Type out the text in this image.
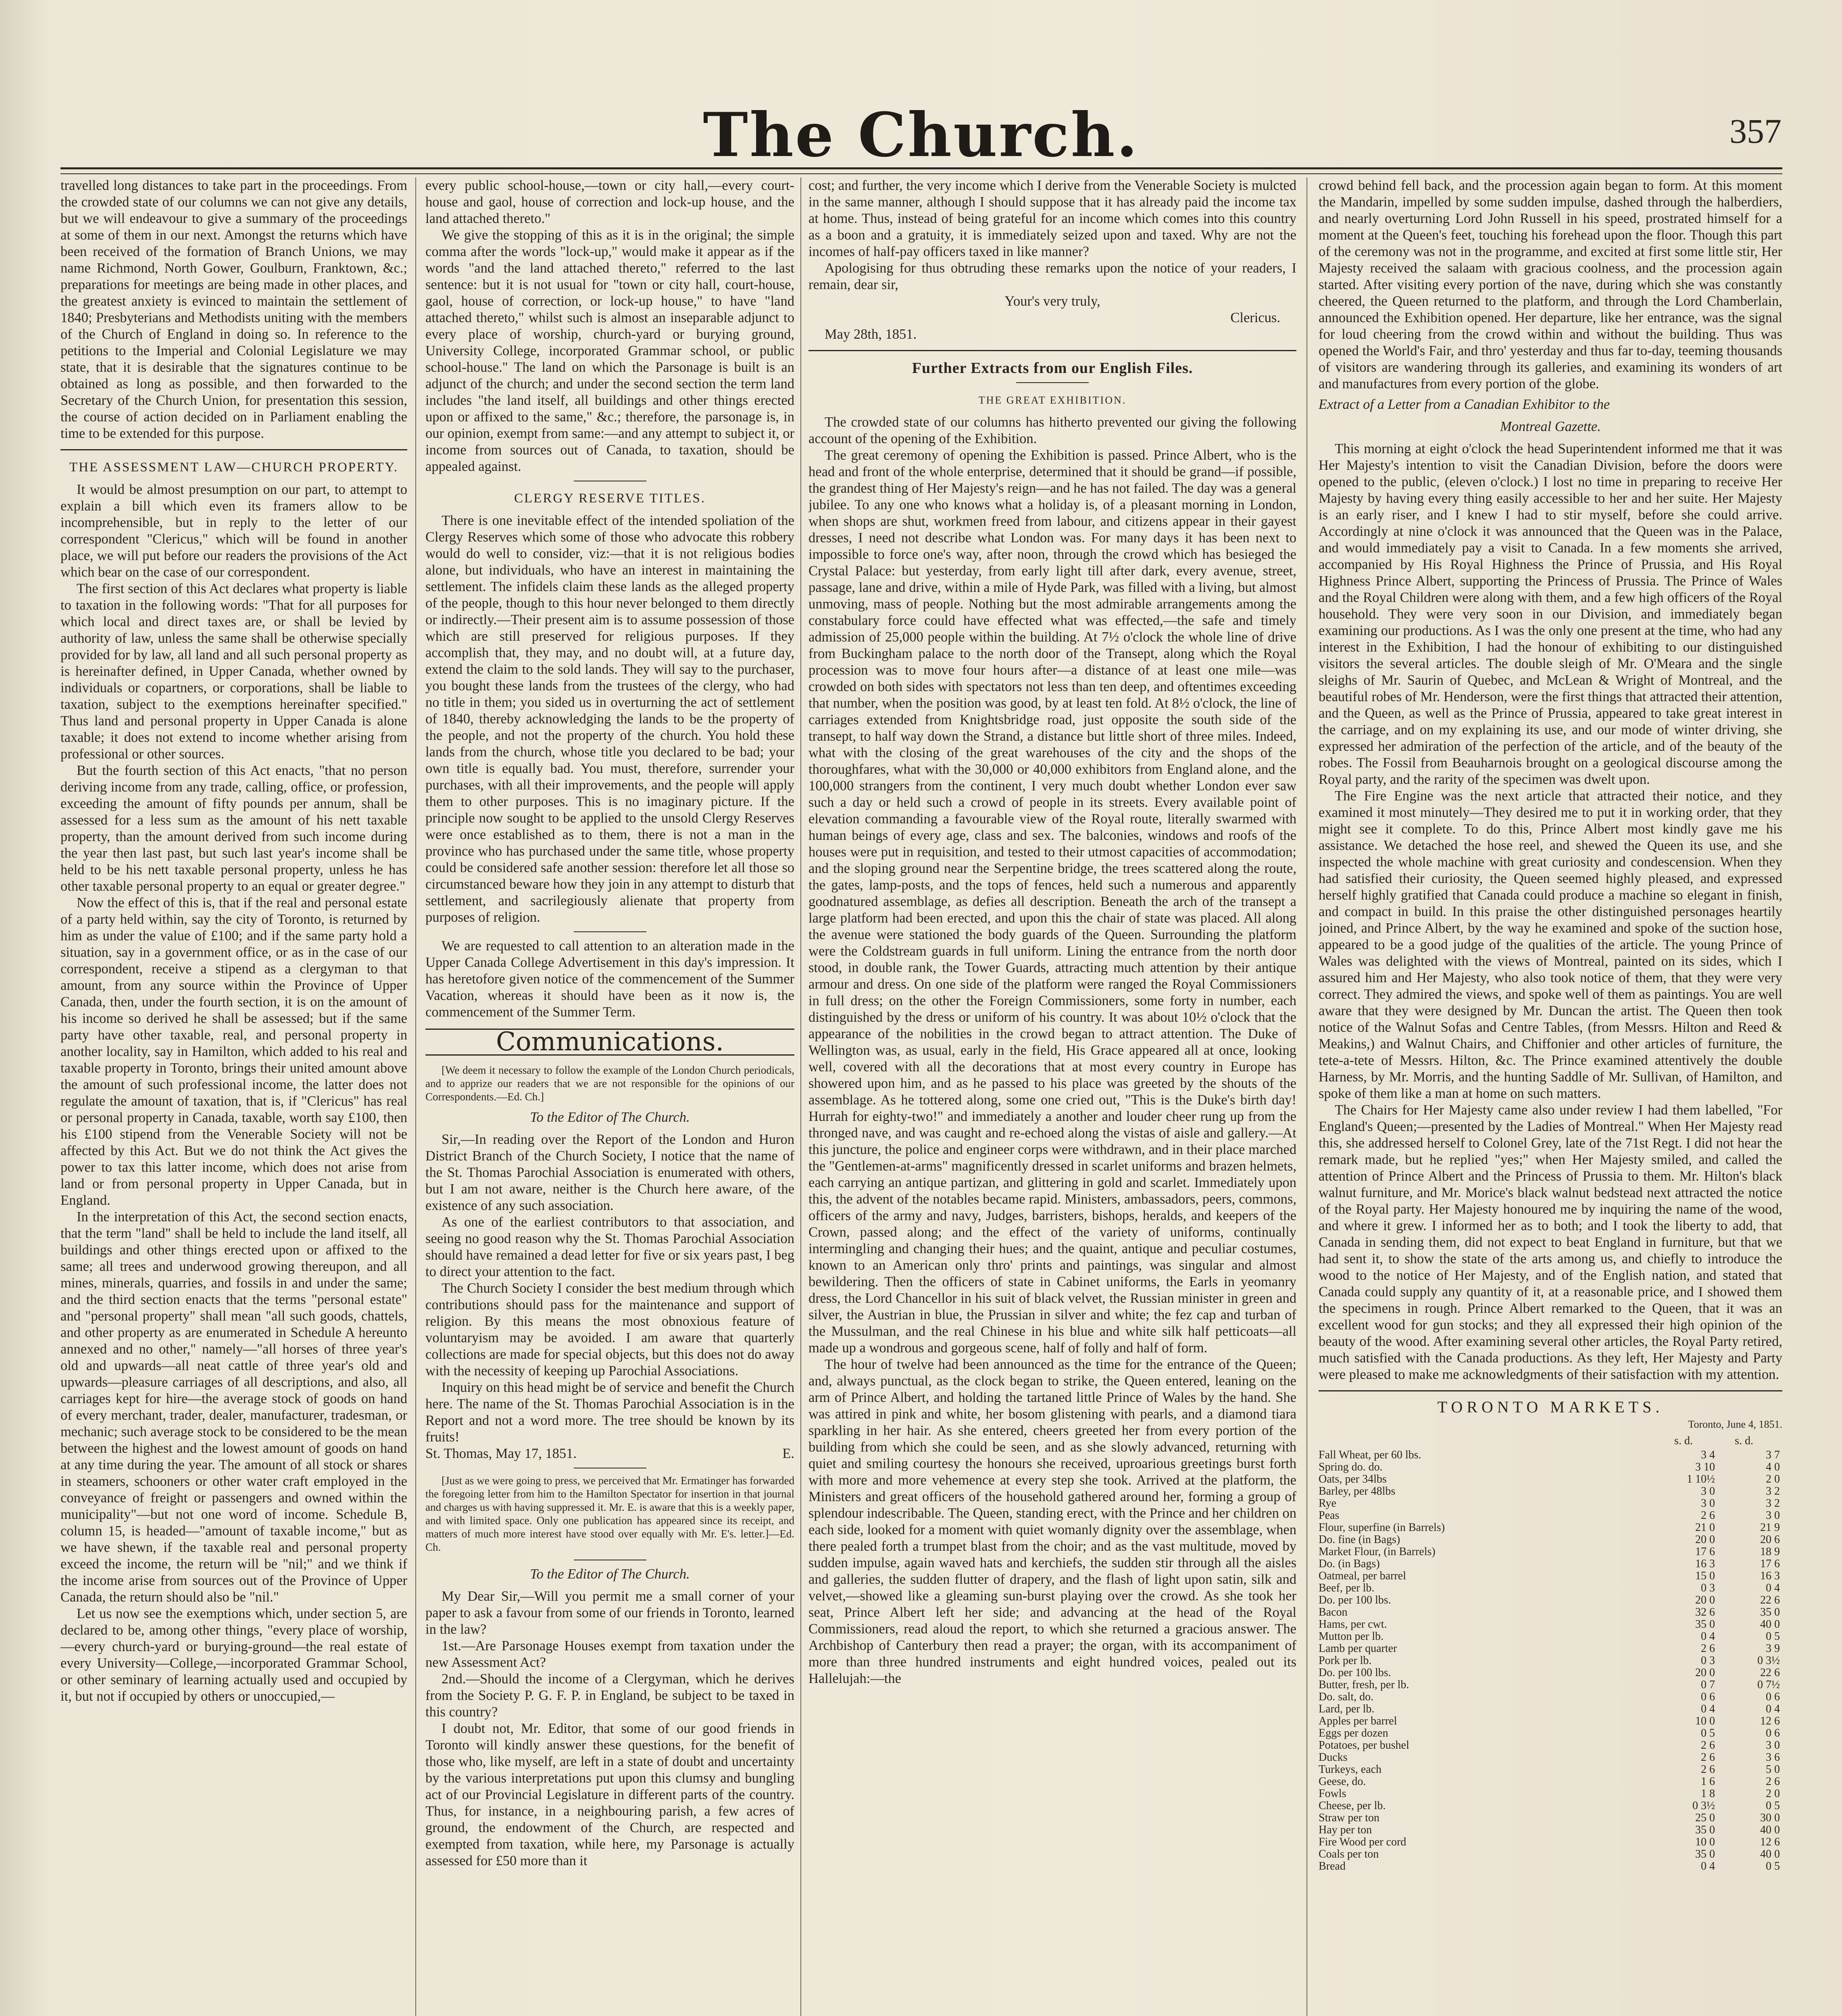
The Church.	357

travelled long distances to take part in the proceedings. From the crowded state of our columns we can not give any details, but we will endeavour to give a summary of the proceedings at some of them in our next. Amongst the returns which have been received of the formation of Branch Unions, we may name Richmond, North Gower, Goulburn, Franktown, &c.; preparations for meetings are being made in other places, and the greatest anxiety is evinced to maintain the settlement of 1840; Presbyterians and Methodists uniting with the members of the Church of England in doing so. In reference to the petitions to the Imperial and Colonial Legislature we may state, that it is desirable that the signatures continue to be obtained as long as possible, and then forwarded to the Secretary of the Church Union, for presentation this session, the course of action decided on in Parliament enabling the time to be extended for this purpose.

THE ASSESSMENT LAW—CHURCH PROPERTY.

It would be almost presumption on our part, to attempt to explain a bill which even its framers allow to be incomprehensible, but in reply to the letter of our correspondent "Clericus," which will be found in another place, we will put before our readers the provisions of the Act which bear on the case of our correspondent.

The first section of this Act declares what property is liable to taxation in the following words: "That for all purposes for which local and direct taxes are, or shall be levied by authority of law, unless the same shall be otherwise specially provided for by law, all land and all such personal property as is hereinafter defined, in Upper Canada, whether owned by individuals or copartners, or corporations, shall be liable to taxation, subject to the exemptions hereinafter specified." Thus land and personal property in Upper Canada is alone taxable; it does not extend to income whether arising from professional or other sources.

But the fourth section of this Act enacts, "that no person deriving income from any trade, calling, office, or profession, exceeding the amount of fifty pounds per annum, shall be assessed for a less sum as the amount of his nett taxable property, than the amount derived from such income during the year then last past, but such last year's income shall be held to be his nett taxable personal property, unless he has other taxable personal property to an equal or greater degree."

Now the effect of this is, that if the real and personal estate of a party held within, say the city of Toronto, is returned by him as under the value of £100; and if the same party hold a situation, say in a government office, or as in the case of our correspondent, receive a stipend as a clergyman to that amount, from any source within the Province of Upper Canada, then, under the fourth section, it is on the amount of his income so derived he shall be assessed; but if the same party have other taxable, real, and personal property in another locality, say in Hamilton, which added to his real and taxable property in Toronto, brings their united amount above the amount of such professional income, the latter does not regulate the amount of taxation, that is, if "Clericus" has real or personal property in Canada, taxable, worth say £100, then his £100 stipend from the Venerable Society will not be affected by this Act. But we do not think the Act gives the power to tax this latter income, which does not arise from land or from personal property in Upper Canada, but in England.

In the interpretation of this Act, the second section enacts, that the term "land" shall be held to include the land itself, all buildings and other things erected upon or affixed to the same; all trees and underwood growing thereupon, and all mines, minerals, quarries, and fossils in and under the same; and the third section enacts that the terms "personal estate" and "personal property" shall mean "all such goods, chattels, and other property as are enumerated in Schedule A hereunto annexed and no other," namely—"all horses of three year's old and upwards—all neat cattle of three year's old and upwards—pleasure carriages of all descriptions, and also, all carriages kept for hire—the average stock of goods on hand of every merchant, trader, dealer, manufacturer, tradesman, or mechanic; such average stock to be considered to be the mean between the highest and the lowest amount of goods on hand at any time during the year. The amount of all stock or shares in steamers, schooners or other water craft employed in the conveyance of freight or passengers and owned within the municipality"—but not one word of income. Schedule B, column 15, is headed—"amount of taxable income," but as we have shewn, if the taxable real and personal property exceed the income, the return will be "nil;" and we think if the income arise from sources out of the Province of Upper Canada, the return should also be "nil."

Let us now see the exemptions which, under section 5, are declared to be, among other things, "every place of worship,—every church-yard or burying-ground—the real estate of every University—College,—incorporated Grammar School, or other seminary of learning actually used and occupied by it, but not if occupied by others or unoccupied,—

every public school-house,—town or city hall,—every court-house and gaol, house of correction and lock-up house, and the land attached thereto."

We give the stopping of this as it is in the original; the simple comma after the words "lock-up," would make it appear as if the words "and the land attached thereto," referred to the last sentence: but it is not usual for "town or city hall, court-house, gaol, house of correction, or lock-up house," to have "land attached thereto," whilst such is almost an inseparable adjunct to every place of worship, church-yard or burying ground, University College, incorporated Grammar school, or public school-house." The land on which the Parsonage is built is an adjunct of the church; and under the second section the term land includes "the land itself, all buildings and other things erected upon or affixed to the same," &c.; therefore, the parsonage is, in our opinion, exempt from same:—and any attempt to subject it, or income from sources out of Canada, to taxation, should be appealed against.

CLERGY RESERVE TITLES.

There is one inevitable effect of the intended spoliation of the Clergy Reserves which some of those who advocate this robbery would do well to consider, viz:—that it is not religious bodies alone, but individuals, who have an interest in maintaining the settlement. The infidels claim these lands as the alleged property of the people, though to this hour never belonged to them directly or indirectly.—Their present aim is to assume possession of those which are still preserved for religious purposes. If they accomplish that, they may, and no doubt will, at a future day, extend the claim to the sold lands. They will say to the purchaser, you bought these lands from the trustees of the clergy, who had no title in them; you sided us in overturning the act of settlement of 1840, thereby acknowledging the lands to be the property of the people, and not the property of the church. You hold these lands from the church, whose title you declared to be bad; your own title is equally bad. You must, therefore, surrender your purchases, with all their improvements, and the people will apply them to other purposes. This is no imaginary picture. If the principle now sought to be applied to the unsold Clergy Reserves were once established as to them, there is not a man in the province who has purchased under the same title, whose property could be considered safe another session: therefore let all those so circumstanced beware how they join in any attempt to disturb that settlement, and sacrilegiously alienate that property from purposes of religion.

We are requested to call attention to an alteration made in the Upper Canada College Advertisement in this day's impression. It has heretofore given notice of the commencement of the Summer Vacation, whereas it should have been as it now is, the commencement of the Summer Term.

Communications.

[We deem it necessary to follow the example of the London Church periodicals, and to apprize our readers that we are not responsible for the opinions of our Correspondents.—Ed. Ch.]

To the Editor of The Church.

Sir,—In reading over the Report of the London and Huron District Branch of the Church Society, I notice that the name of the St. Thomas Parochial Association is enumerated with others, but I am not aware, neither is the Church here aware, of the existence of any such association.

As one of the earliest contributors to that association, and seeing no good reason why the St. Thomas Parochial Association should have remained a dead letter for five or six years past, I beg to direct your attention to the fact.

The Church Society I consider the best medium through which contributions should pass for the maintenance and support of religion. By this means the most obnoxious feature of voluntaryism may be avoided. I am aware that quarterly collections are made for special objects, but this does not do away with the necessity of keeping up Parochial Associations.

Inquiry on this head might be of service and benefit the Church here. The name of the St. Thomas Parochial Association is in the Report and not a word more. The tree should be known by its fruits!

St. Thomas, May 17, 1851.	E.

[Just as we were going to press, we perceived that Mr. Ermatinger has forwarded the foregoing letter from him to the Hamilton Spectator for insertion in that journal and charges us with having suppressed it. Mr. E. is aware that this is a weekly paper, and with limited space. Only one publication has appeared since its receipt, and matters of much more interest have stood over equally with Mr. E's. letter.]—Ed. Ch.

To the Editor of The Church.

My Dear Sir,—Will you permit me a small corner of your paper to ask a favour from some of our friends in Toronto, learned in the law?

1st.—Are Parsonage Houses exempt from taxation under the new Assessment Act?

2nd.—Should the income of a Clergyman, which he derives from the Society P. G. F. P. in England, be subject to be taxed in this country?

I doubt not, Mr. Editor, that some of our good friends in Toronto will kindly answer these questions, for the benefit of those who, like myself, are left in a state of doubt and uncertainty by the various interpretations put upon this clumsy and bungling act of our Provincial Legislature in different parts of the country. Thus, for instance, in a neighbouring parish, a few acres of ground, the endowment of the Church, are respected and exempted from taxation, while here, my Parsonage is actually assessed for £50 more than it

cost; and further, the very income which I derive from the Venerable Society is mulcted in the same manner, although I should suppose that it has already paid the income tax at home. Thus, instead of being grateful for an income which comes into this country as a boon and a gratuity, it is immediately seized upon and taxed. Why are not the incomes of half-pay officers taxed in like manner?

Apologising for thus obtruding these remarks upon the notice of your readers, I remain, dear sir,

Your's very truly,
Clericus.
May 28th, 1851.
Further Extracts from our English Files.
THE GREAT EXHIBITION.

The crowded state of our columns has hitherto prevented our giving the following account of the opening of the Exhibition.

The great ceremony of opening the Exhibition is passed. Prince Albert, who is the head and front of the whole enterprise, determined that it should be grand—if possible, the grandest thing of Her Majesty's reign—and he has not failed. The day was a general jubilee. To any one who knows what a holiday is, of a pleasant morning in London, when shops are shut, workmen freed from labour, and citizens appear in their gayest dresses, I need not describe what London was. For many days it has been next to impossible to force one's way, after noon, through the crowd which has besieged the Crystal Palace: but yesterday, from early light till after dark, every avenue, street, passage, lane and drive, within a mile of Hyde Park, was filled with a living, but almost unmoving, mass of people. Nothing but the most admirable arrangements among the constabulary force could have effected what was effected,—the safe and timely admission of 25,000 people within the building. At 7½ o'clock the whole line of drive from Buckingham palace to the north door of the Transept, along which the Royal procession was to move four hours after—a distance of at least one mile—was crowded on both sides with spectators not less than ten deep, and oftentimes exceeding that number, when the position was good, by at least ten fold. At 8½ o'clock, the line of carriages extended from Knightsbridge road, just opposite the south side of the transept, to half way down the Strand, a distance but little short of three miles. Indeed, what with the closing of the great warehouses of the city and the shops of the thoroughfares, what with the 30,000 or 40,000 exhibitors from England alone, and the 100,000 strangers from the continent, I very much doubt whether London ever saw such a day or held such a crowd of people in its streets. Every available point of elevation commanding a favourable view of the Royal route, literally swarmed with human beings of every age, class and sex. The balconies, windows and roofs of the houses were put in requisition, and tested to their utmost capacities of accommodation; and the sloping ground near the Serpentine bridge, the trees scattered along the route, the gates, lamp-posts, and the tops of fences, held such a numerous and apparently goodnatured assemblage, as defies all description. Beneath the arch of the transept a large platform had been erected, and upon this the chair of state was placed. All along the avenue were stationed the body guards of the Queen. Surrounding the platform were the Coldstream guards in full uniform. Lining the entrance from the north door stood, in double rank, the Tower Guards, attracting much attention by their antique armour and dress. On one side of the platform were ranged the Royal Commissioners in full dress; on the other the Foreign Commissioners, some forty in number, each distinguished by the dress or uniform of his country. It was about 10½ o'clock that the appearance of the nobilities in the crowd began to attract attention. The Duke of Wellington was, as usual, early in the field, His Grace appeared all at once, looking well, covered with all the decorations that at most every country in Europe has showered upon him, and as he passed to his place was greeted by the shouts of the assemblage. As he tottered along, some one cried out, "This is the Duke's birth day! Hurrah for eighty-two!" and immediately a another and louder cheer rung up from the thronged nave, and was caught and re-echoed along the vistas of aisle and gallery.—At this juncture, the police and engineer corps were withdrawn, and in their place marched the "Gentlemen-at-arms" magnificently dressed in scarlet uniforms and brazen helmets, each carrying an antique partizan, and glittering in gold and scarlet. Immediately upon this, the advent of the notables became rapid. Ministers, ambassadors, peers, commons, officers of the army and navy, Judges, barristers, bishops, heralds, and keepers of the Crown, passed along; and the effect of the variety of uniforms, continually intermingling and changing their hues; and the quaint, antique and peculiar costumes, known to an American only thro' prints and paintings, was singular and almost bewildering. Then the officers of state in Cabinet uniforms, the Earls in yeomanry dress, the Lord Chancellor in his suit of black velvet, the Russian minister in green and silver, the Austrian in blue, the Prussian in silver and white; the fez cap and turban of the Mussulman, and the real Chinese in his blue and white silk half petticoats—all made up a wondrous and gorgeous scene, half of folly and half of form.

The hour of twelve had been announced as the time for the entrance of the Queen; and, always punctual, as the clock began to strike, the Queen entered, leaning on the arm of Prince Albert, and holding the tartaned little Prince of Wales by the hand. She was attired in pink and white, her bosom glistening with pearls, and a diamond tiara sparkling in her hair. As she entered, cheers greeted her from every portion of the building from which she could be seen, and as she slowly advanced, returning with quiet and smiling courtesy the honours she received, uproarious greetings burst forth with more and more vehemence at every step she took. Arrived at the platform, the Ministers and great officers of the household gathered around her, forming a group of splendour indescribable. The Queen, standing erect, with the Prince and her children on each side, looked for a moment with quiet womanly dignity over the assemblage, when there pealed forth a trumpet blast from the choir; and as the vast multitude, moved by sudden impulse, again waved hats and kerchiefs, the sudden stir through all the aisles and galleries, the sudden flutter of drapery, and the flash of light upon satin, silk and velvet,—showed like a gleaming sun-burst playing over the crowd. As she took her seat, Prince Albert left her side; and advancing at the head of the Royal Commissioners, read aloud the report, to which she returned a gracious answer. The Archbishop of Canterbury then read a prayer; the organ, with its accompaniment of more than three hundred instruments and eight hundred voices, pealed out its Hallelujah:—the

crowd behind fell back, and the procession again began to form. At this moment the Mandarin, impelled by some sudden impulse, dashed through the halberdiers, and nearly overturning Lord John Russell in his speed, prostrated himself for a moment at the Queen's feet, touching his forehead upon the floor. Though this part of the ceremony was not in the programme, and excited at first some little stir, Her Majesty received the salaam with gracious coolness, and the procession again started. After visiting every portion of the nave, during which she was constantly cheered, the Queen returned to the platform, and through the Lord Chamberlain, announced the Exhibition opened. Her departure, like her entrance, was the signal for loud cheering from the crowd within and without the building. Thus was opened the World's Fair, and thro' yesterday and thus far to-day, teeming thousands of visitors are wandering through its galleries, and examining its wonders of art and manufactures from every portion of the globe.

Extract of a Letter from a Canadian Exhibitor to the

Montreal Gazette.

This morning at eight o'clock the head Superintendent informed me that it was Her Majesty's intention to visit the Canadian Division, before the doors were opened to the public, (eleven o'clock.) I lost no time in preparing to receive Her Majesty by having every thing easily accessible to her and her suite. Her Majesty is an early riser, and I knew I had to stir myself, before she could arrive. Accordingly at nine o'clock it was announced that the Queen was in the Palace, and would immediately pay a visit to Canada. In a few moments she arrived, accompanied by His Royal Highness the Prince of Prussia, and His Royal Highness Prince Albert, supporting the Princess of Prussia. The Prince of Wales and the Royal Children were along with them, and a few high officers of the Royal household. They were very soon in our Division, and immediately began examining our productions. As I was the only one present at the time, who had any interest in the Exhibition, I had the honour of exhibiting to our distinguished visitors the several articles. The double sleigh of Mr. O'Meara and the single sleighs of Mr. Saurin of Quebec, and McLean & Wright of Montreal, and the beautiful robes of Mr. Henderson, were the first things that attracted their attention, and the Queen, as well as the Prince of Prussia, appeared to take great interest in the carriage, and on my explaining its use, and our mode of winter driving, she expressed her admiration of the perfection of the article, and of the beauty of the robes. The Fossil from Beauharnois brought on a geological discourse among the Royal party, and the rarity of the specimen was dwelt upon.

The Fire Engine was the next article that attracted their notice, and they examined it most minutely—They desired me to put it in working order, that they might see it complete. To do this, Prince Albert most kindly gave me his assistance. We detached the hose reel, and shewed the Queen its use, and she inspected the whole machine with great curiosity and condescension. When they had satisfied their curiosity, the Queen seemed highly pleased, and expressed herself highly gratified that Canada could produce a machine so elegant in finish, and compact in build. In this praise the other distinguished personages heartily joined, and Prince Albert, by the way he examined and spoke of the suction hose, appeared to be a good judge of the qualities of the article. The young Prince of Wales was delighted with the views of Montreal, painted on its sides, which I assured him and Her Majesty, who also took notice of them, that they were very correct. They admired the views, and spoke well of them as paintings. You are well aware that they were designed by Mr. Duncan the artist. The Queen then took notice of the Walnut Sofas and Centre Tables, (from Messrs. Hilton and Reed & Meakins,) and Walnut Chairs, and Chiffonier and other articles of furniture, the tete-a-tete of Messrs. Hilton, &c. The Prince examined attentively the double Harness, by Mr. Morris, and the hunting Saddle of Mr. Sullivan, of Hamilton, and spoke of them like a man at home on such matters.

The Chairs for Her Majesty came also under review I had them labelled, "For England's Queen;—presented by the Ladies of Montreal." When Her Majesty read this, she addressed herself to Colonel Grey, late of the 71st Regt. I did not hear the remark made, but he replied "yes;" when Her Majesty smiled, and called the attention of Prince Albert and the Princess of Prussia to them. Mr. Hilton's black walnut furniture, and Mr. Morice's black walnut bedstead next attracted the notice of the Royal party. Her Majesty honoured me by inquiring the name of the wood, and where it grew. I informed her as to both; and I took the liberty to add, that Canada in sending them, did not expect to beat England in furniture, but that we had sent it, to show the state of the arts among us, and chiefly to introduce the wood to the notice of Her Majesty, and of the English nation, and stated that Canada could supply any quantity of it, at a reasonable price, and I showed them the specimens in rough. Prince Albert remarked to the Queen, that it was an excellent wood for gun stocks; and they all expressed their high opinion of the beauty of the wood. After examining several other articles, the Royal Party retired, much satisfied with the Canada productions. As they left, Her Majesty and Party were pleased to make me acknowledgments of their satisfaction with my attention.

TORONTO MARKETS.
Toronto, June 4, 1851.
s. d.	s. d.
Fall Wheat, per 60 lbs.	3 4	3 7
Spring do. do.	3 10	4 0
Oats, per 34lbs	1 10½	2 0
Barley, per 48lbs	3 0	3 2
Rye	3 0	3 2
Peas	2 6	3 0
Flour, superfine (in Barrels)	21 0	21 9
Do. fine (in Bags)	20 0	20 6
Market Flour, (in Barrels)	17 6	18 9
Do. (in Bags)	16 3	17 6
Oatmeal, per barrel	15 0	16 3
Beef, per lb.	0 3	0 4
Do. per 100 lbs.	20 0	22 6
Bacon	32 6	35 0
Hams, per cwt.	35 0	40 0
Mutton per lb.	0 4	0 5
Lamb per quarter	2 6	3 9
Pork per lb.	0 3	0 3½
Do. per 100 lbs.	20 0	22 6
Butter, fresh, per lb.	0 7	0 7½
Do. salt, do.	0 6	0 6
Lard, per lb.	0 4	0 4
Apples per barrel	10 0	12 6
Eggs per dozen	0 5	0 6
Potatoes, per bushel	2 6	3 0
Ducks	2 6	3 6
Turkeys, each	2 6	5 0
Geese, do.	1 6	2 6
Fowls	1 8	2 0
Cheese, per lb.	0 3½	0 5
Straw per ton	25 0	30 0
Hay per ton	35 0	40 0
Fire Wood per cord	10 0	12 6
Coals per ton	35 0	40 0
Bread	0 4	0 5
